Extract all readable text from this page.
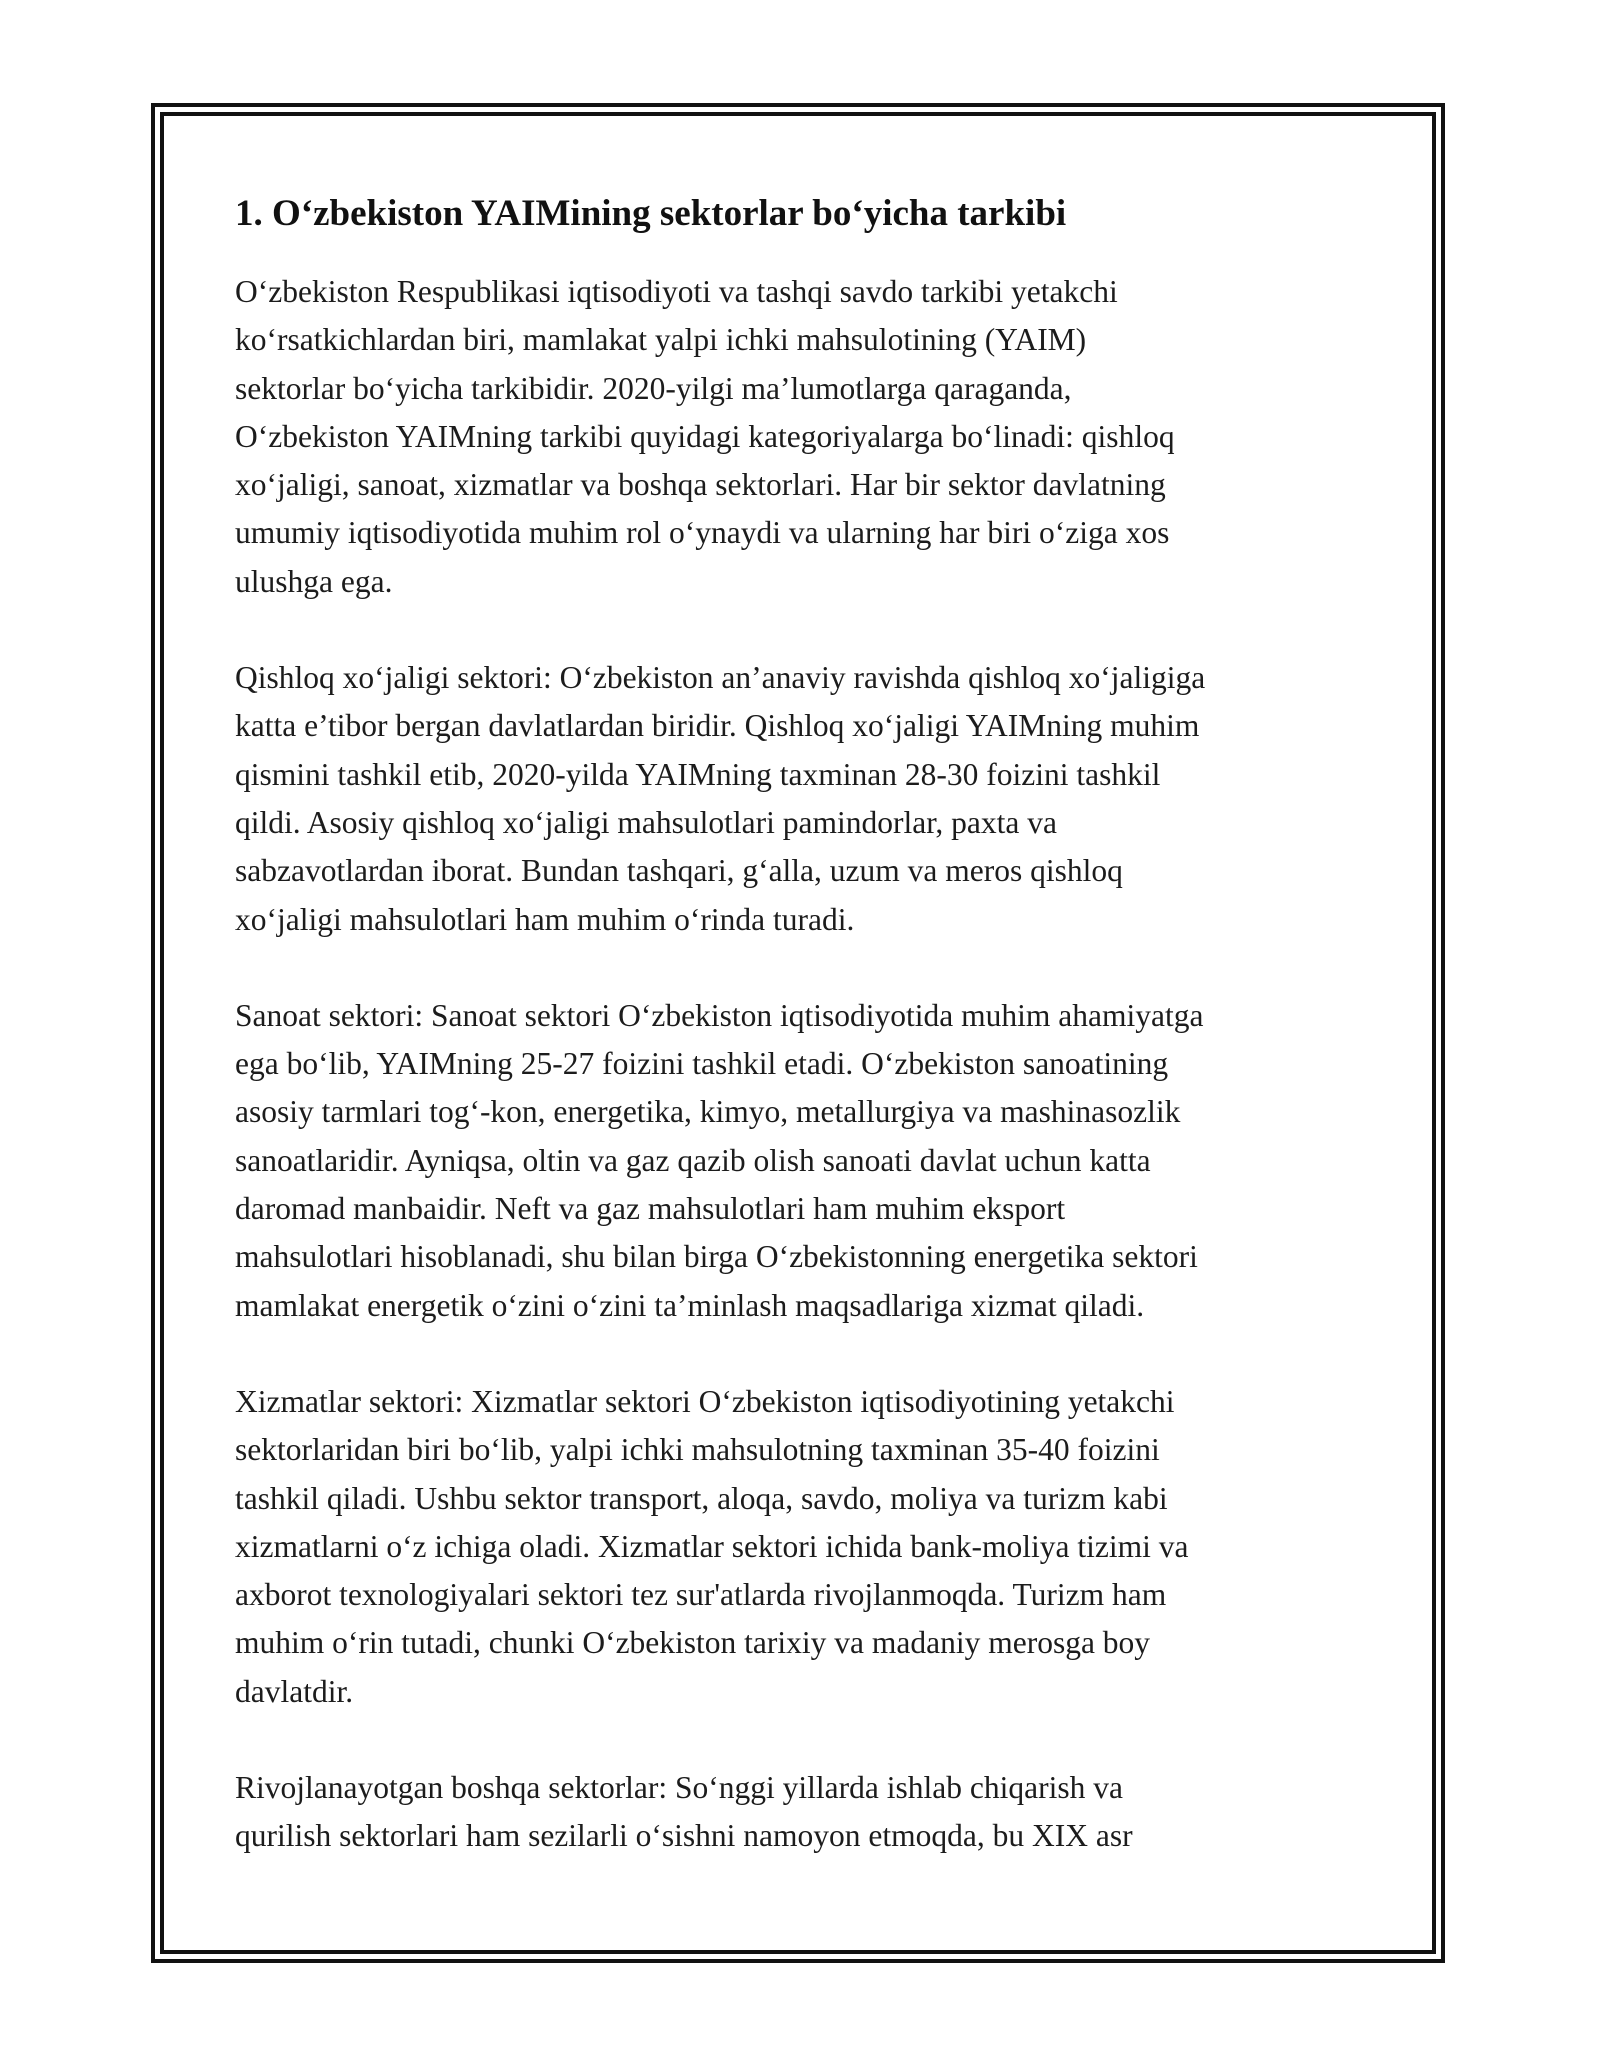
1. O‘zbekiston YAIMining sektorlar bo‘yicha tarkibi

O‘zbekiston Respublikasi iqtisodiyoti va tashqi savdo tarkibi yetakchi
ko‘rsatkichlardan biri, mamlakat yalpi ichki mahsulotining (YAIM)
sektorlar bo‘yicha tarkibidir. 2020-yilgi ma’lumotlarga qaraganda,
O‘zbekiston YAIMning tarkibi quyidagi kategoriyalarga bo‘linadi: qishloq
xo‘jaligi, sanoat, xizmatlar va boshqa sektorlari. Har bir sektor davlatning
umumiy iqtisodiyotida muhim rol o‘ynaydi va ularning har biri o‘ziga xos
ulushga ega.

Qishloq xo‘jaligi sektori: O‘zbekiston an’anaviy ravishda qishloq xo‘jaligiga
katta e’tibor bergan davlatlardan biridir. Qishloq xo‘jaligi YAIMning muhim
qismini tashkil etib, 2020-yilda YAIMning taxminan 28-30 foizini tashkil
qildi. Asosiy qishloq xo‘jaligi mahsulotlari pamindorlar, paxta va
sabzavotlardan iborat. Bundan tashqari, g‘alla, uzum va meros qishloq
xo‘jaligi mahsulotlari ham muhim o‘rinda turadi.

Sanoat sektori: Sanoat sektori O‘zbekiston iqtisodiyotida muhim ahamiyatga
ega bo‘lib, YAIMning 25-27 foizini tashkil etadi. O‘zbekiston sanoatining
asosiy tarmlari tog‘-kon, energetika, kimyo, metallurgiya va mashinasozlik
sanoatlaridir. Ayniqsa, oltin va gaz qazib olish sanoati davlat uchun katta
daromad manbaidir. Neft va gaz mahsulotlari ham muhim eksport
mahsulotlari hisoblanadi, shu bilan birga O‘zbekistonning energetika sektori
mamlakat energetik o‘zini o‘zini ta’minlash maqsadlariga xizmat qiladi.

Xizmatlar sektori: Xizmatlar sektori O‘zbekiston iqtisodiyotining yetakchi
sektorlaridan biri bo‘lib, yalpi ichki mahsulotning taxminan 35-40 foizini
tashkil qiladi. Ushbu sektor transport, aloqa, savdo, moliya va turizm kabi
xizmatlarni o‘z ichiga oladi. Xizmatlar sektori ichida bank-moliya tizimi va
axborot texnologiyalari sektori tez sur'atlarda rivojlanmoqda. Turizm ham
muhim o‘rin tutadi, chunki O‘zbekiston tarixiy va madaniy merosga boy
davlatdir.

Rivojlanayotgan boshqa sektorlar: So‘nggi yillarda ishlab chiqarish va
qurilish sektorlari ham sezilarli o‘sishni namoyon etmoqda, bu XIX asr
